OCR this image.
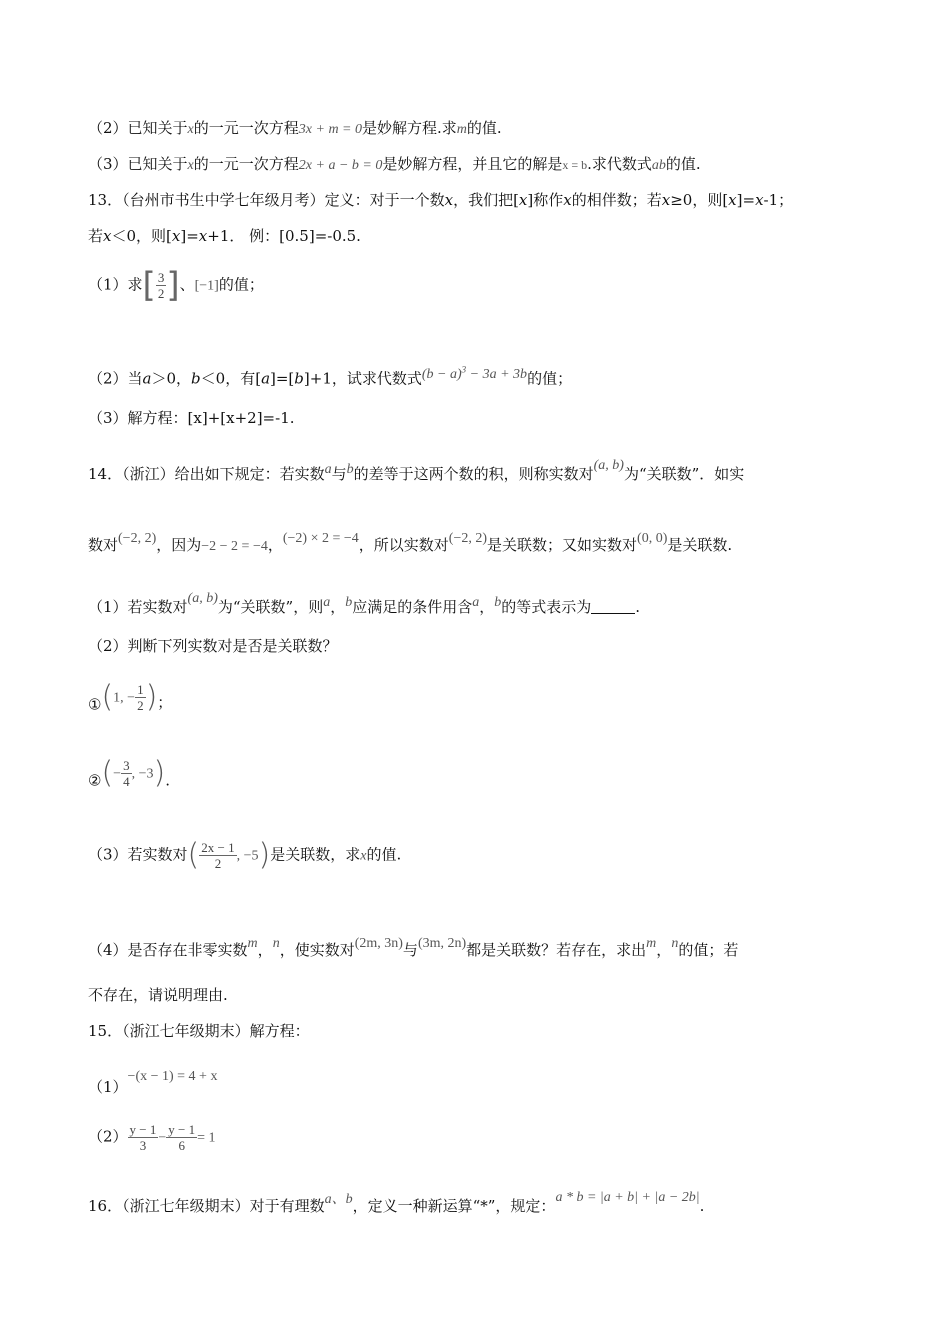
（2）已知关于x的一元一次方程3x + m = 0是妙解方程.求m的值.
（3）已知关于x的一元一次方程2x + a − b = 0是妙解方程，并且它的解是x = b.求代数式ab的值.
13．（台州市书生中学七年级月考）定义：对于一个数x，我们把[x]称作x的相伴数；若x≥0，则[x]=x-1；
若x＜0，则[x]=x+1． 例：[0.5]=-0.5.
（1）求[ $\frac{3}{2}$ ]、[−1]的值；
（2）当a＞0，b＜0，有[a]=[b]+1，试求代数式$(b - a)^3 - 3a + 3b$的值；
（3）解方程：[x]+[x+2]=-1.
14．（浙江）给出如下规定：若实数a与b的差等于这两个数的积，则称实数对(a, b)为“关联数”．如实
数对(−2, 2)，因为−2 − 2 = −4，(−2) × 2 = −4，所以实数对(−2, 2)是关联数；又如实数对(0, 0)是关联数.
（1）若实数对(a, b)为“关联数”，则a，b应满足的条件用含a，b的等式表示为	.
（2）判断下列实数对是否是关联数？
①(1, − $\frac{1}{2}$ )；
②(− $\frac{3}{4}$ , −3).
（3）若实数对( $\frac{2x - 1}{2}$ , −5)是关联数，求x的值.
（4）是否存在非零实数m，n，使实数对(2m, 3n)与(3m, 2n)都是关联数？若存在，求出m，n的值；若
不存在，请说明理由.
15．（浙江七年级期末）解方程：
（1）−(x − 1) = 4 + x
$(2) \frac{y - 1}{3} - \frac{y - 1}{6} = 1$
16．（浙江七年级期末）对于有理数a、b，定义一种新运算“*”，规定：a * b = |a + b| + |a − 2b|.
